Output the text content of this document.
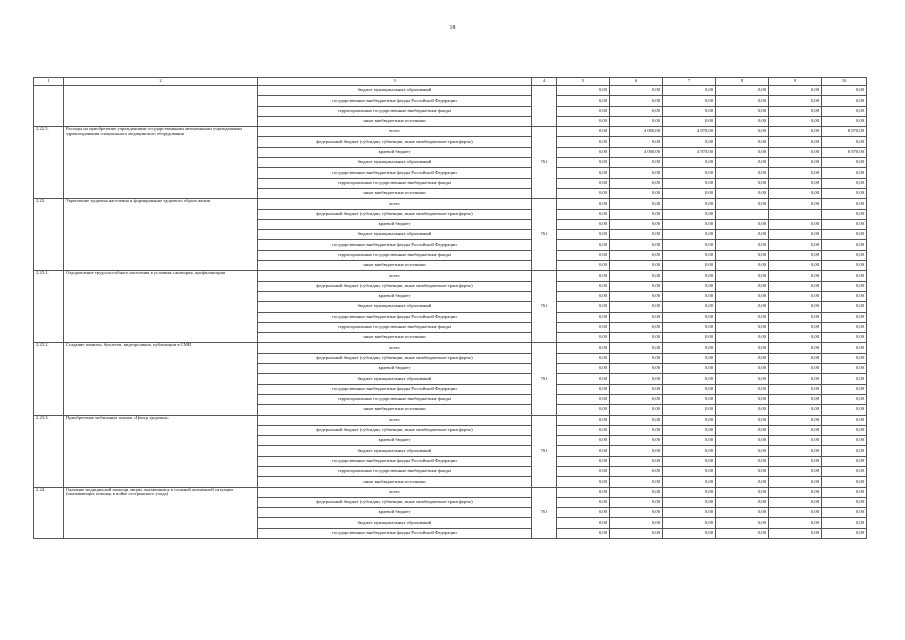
18
1	2	3	4	5	6	7	8	9	10
		бюджет муниципальных образований		0,00	0,00	0,00	0,00	0,00	0,00
		государственные внебюджетные фонды Российской Федерации		0,00	0,00	0,00	0,00	0,00	0,00
		территориальные государственные внебюджетные фонды		0,00	0,00	0,00	0,00	0,00	0,00
		иные внебюджетные источники		0,00	0,00	0,00	0,00	0,00	0,00
2.22.5.	Расходы на приобретение учреждениями государственными автономными учреждениями здравоохранения специального медицинского оборудования	всего	761	0,00	4 000,00	4 870,00	0,00	0,00	8 870,00
		федеральный бюджет (субсидии, субвенции, иные межбюджетные трансферты)		0,00	0,00	0,00	0,00	0,00	0,00
		краевой бюджет		0,00	4 000,00	4 870,00	0,00	0,00	8 870,00
		бюджет муниципальных образований		0,00	0,00	0,00	0,00	0,00	0,00
		государственные внебюджетные фонды Российской Федерации		0,00	0,00	0,00	0,00	0,00	0,00
		территориальные государственные внебюджетные фонды		0,00	0,00	0,00	0,00	0,00	0,00
		иные внебюджетные источники		0,00	0,00	0,00	0,00	0,00	0,00
2.23.	Укрепление здоровья населения и формирование здорового образа жизни	всего	761	0,00	0,00	0,00	0,00	0,00	0,00
		федеральный бюджет (субсидии, субвенции, иные межбюджетные трансферты)		0,00	0,00	0,00			0,00
		краевой бюджет		0,00	0,00	0,00	0,00	0,00	0,00
		бюджет муниципальных образований		0,00	0,00	0,00	0,00	0,00	0,00
		государственные внебюджетные фонды Российской Федерации		0,00	0,00	0,00	0,00	0,00	0,00
		территориальные государственные внебюджетные фонды		0,00	0,00	0,00	0,00	0,00	0,00
		иные внебюджетные источники		0,00	0,00	0,00	0,00	0,00	0,00
2.23.1.	Оздоровление трудоспособного населения в условиях санатория, профилактория	всего	761	0,00	0,00	0,00	0,00	0,00	0,00
		федеральный бюджет (субсидии, субвенции, иные межбюджетные трансферты)		0,00	0,00	0,00	0,00	0,00	0,00
		краевой бюджет		0,00	0,00	0,00	0,00	0,00	0,00
		бюджет муниципальных образований		0,00	0,00	0,00	0,00	0,00	0,00
		государственные внебюджетные фонды Российской Федерации		0,00	0,00	0,00	0,00	0,00	0,00
		территориальные государственные внебюджетные фонды		0,00	0,00	0,00	0,00	0,00	0,00
		иные внебюджетные источники		0,00	0,00	0,00	0,00	0,00	0,00
2.23.2.	Создание памяток, буклетов, видеороликов, публикации в СМИ	всего	761	0,00	0,00	0,00	0,00	0,00	0,00
		федеральный бюджет (субсидии, субвенции, иные межбюджетные трансферты)		0,00	0,00	0,00	0,00	0,00	0,00
		краевой бюджет		0,00	0,00	0,00	0,00	0,00	0,00
		бюджет муниципальных образований		0,00	0,00	0,00	0,00	0,00	0,00
		государственные внебюджетные фонды Российской Федерации		0,00	0,00	0,00	0,00	0,00	0,00
		территориальные государственные внебюджетные фонды		0,00	0,00	0,00	0,00	0,00	0,00
		иные внебюджетные источники		0,00	0,00	0,00	0,00	0,00	0,00
2.23.3.	Приобретение мобильных планок «Центр здоровья»	всего	761	0,00	0,00	0,00	0,00	0,00	0,00
		федеральный бюджет (субсидии, субвенции, иные межбюджетные трансферты)		0,00	0,00	0,00	0,00	0,00	0,00
		краевой бюджет		0,00	0,00	0,00	0,00	0,00	0,00
		бюджет муниципальных образований		0,00	0,00	0,00	0,00	0,00	0,00
		государственные внебюджетные фонды Российской Федерации		0,00	0,00	0,00	0,00	0,00	0,00
		территориальные государственные внебюджетные фонды		0,00	0,00	0,00	0,00	0,00	0,00
		иные внебюджетные источники		0,00	0,00	0,00	0,00	0,00	0,00
2.24.	Оказание медицинской помощи лицам, оказавшимся в сложной жизненной ситуации (оказывающих помощь в пойке сестринского ухода)	всего	761	0,00	0,00	0,00	0,00	0,00	0,00
		федеральный бюджет (субсидии, субвенции, иные межбюджетные трансферты)		0,00	0,00	0,00	0,00	0,00	0,00
		краевой бюджет		0,00	0,00	0,00	0,00	0,00	0,00
		бюджет муниципальных образований		0,00	0,00	0,00	0,00	0,00	0,00
		государственные внебюджетные фонды Российской Федерации		0,00	0,00	0,00	0,00	0,00	0,00
